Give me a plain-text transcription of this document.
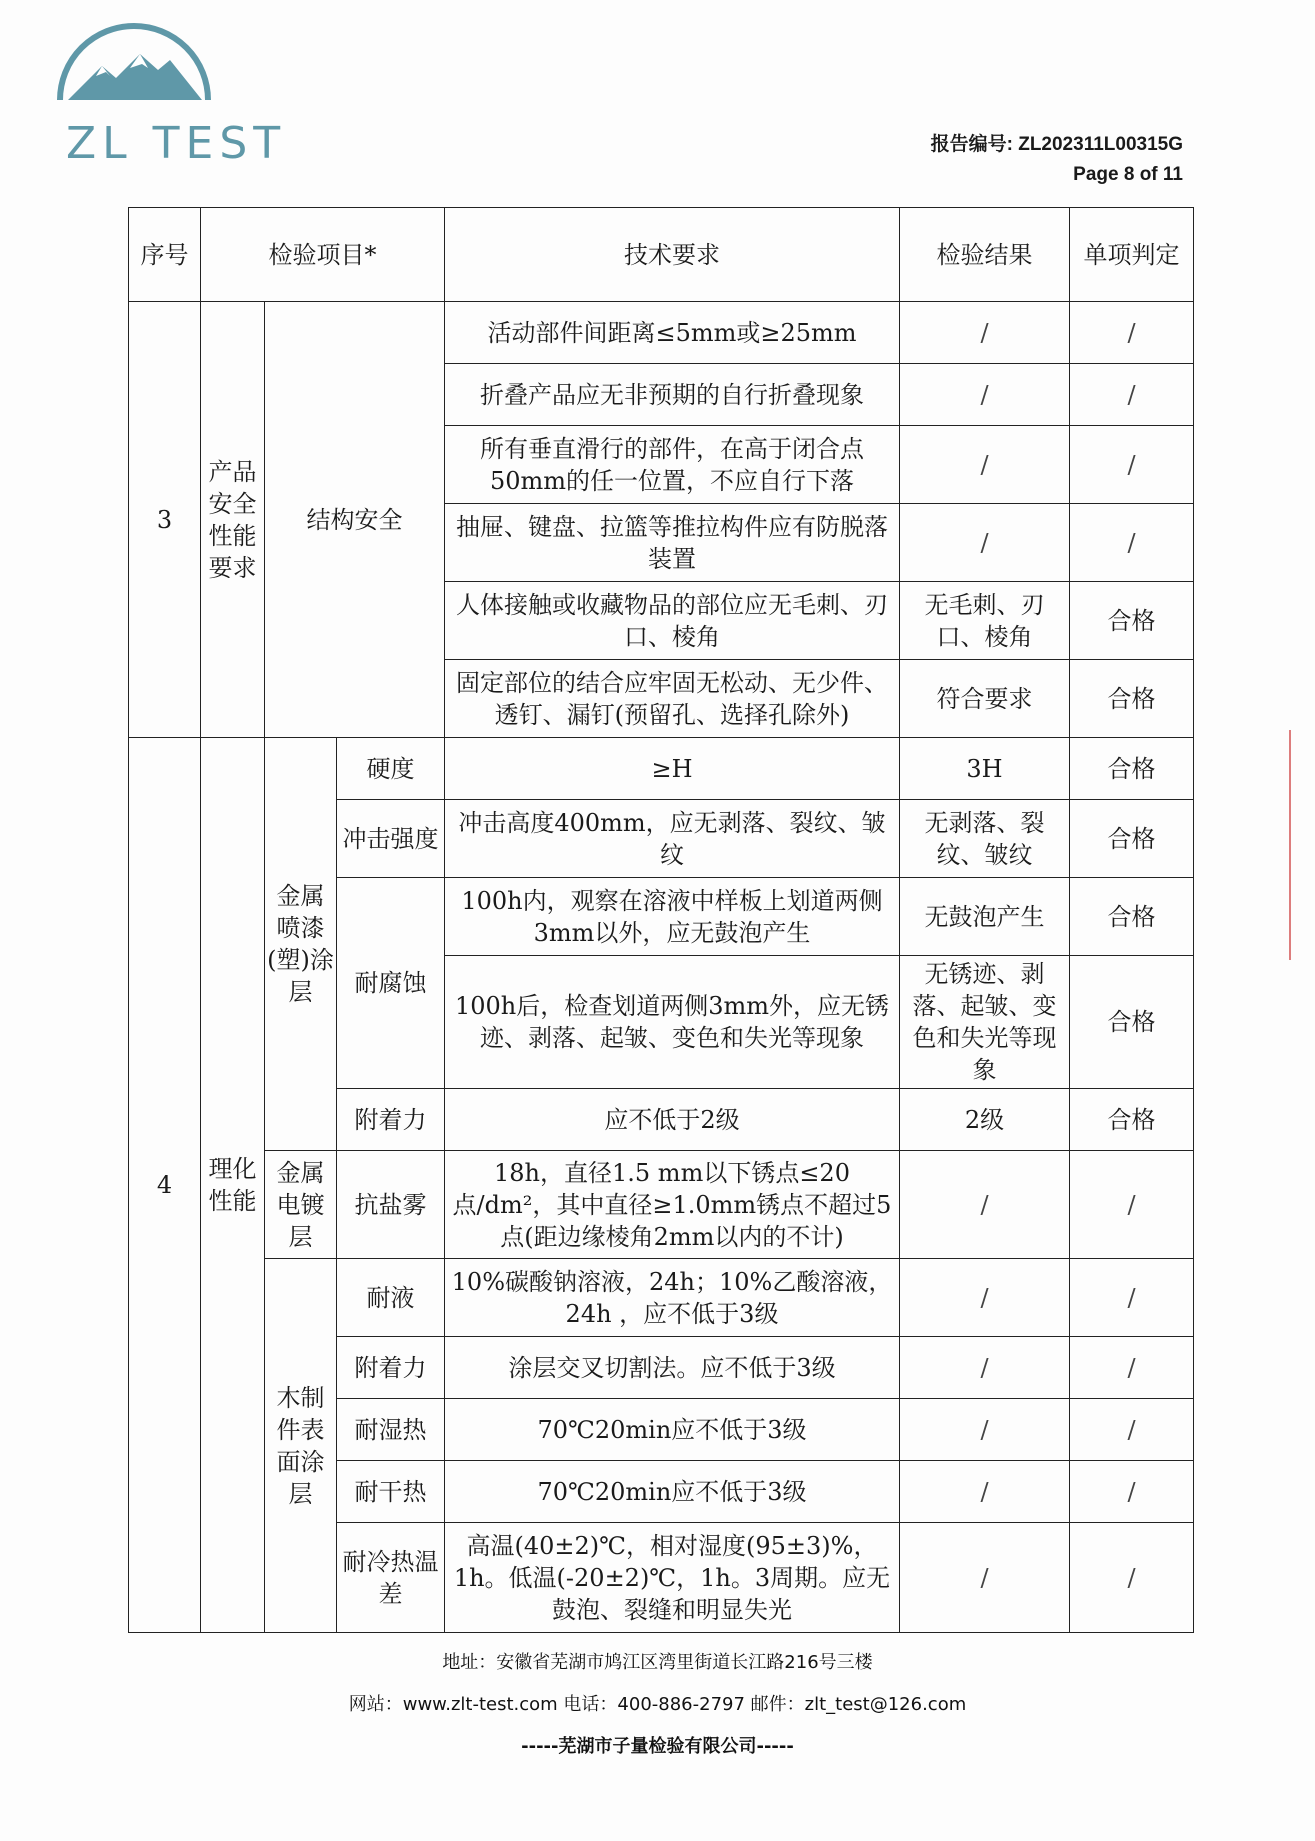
ZL TEST	报告编号: ZL202311L00315G
Page 8 of 11
序号	检验项目*			技术要求	检验结果	单项判定
3	产品安全性能要求	结构安全		活动部件间距离≤5mm或≥25mm	/	/
				折叠产品应无非预期的自行折叠现象	/	/
				所有垂直滑行的部件，在高于闭合点50mm的任一位置，不应自行下落	/	/
				抽屉、键盘、拉篮等推拉构件应有防脱落装置	/	/
				人体接触或收藏物品的部位应无毛刺、刃口、棱角	无毛刺、刃口、棱角	合格
				固定部位的结合应牢固无松动、无少件、透钉、漏钉(预留孔、选择孔除外)	符合要求	合格
4	理化性能	金属喷漆(塑)涂层	硬度	≥H	3H	合格
			冲击强度	冲击高度400mm，应无剥落、裂纹、皱纹	无剥落、裂纹、皱纹	合格
			耐腐蚀	100h内，观察在溶液中样板上划道两侧3mm以外，应无鼓泡产生	无鼓泡产生	合格
				100h后，检查划道两侧3mm外，应无锈迹、剥落、起皱、变色和失光等现象	无锈迹、剥落、起皱、变色和失光等现象	合格
			附着力	应不低于2级	2级	合格
		金属电镀层	抗盐雾	18h，直径1.5 mm以下锈点≤20点/dm²，其中直径≥1.0mm锈点不超过5点(距边缘棱角2mm以内的不计)	/	/
		木制件表面涂层	耐液	10%碳酸钠溶液，24h；10%乙酸溶液，24h ，应不低于3级	/	/
			附着力	涂层交叉切割法。应不低于3级	/	/
			耐湿热	70℃20min应不低于3级	/	/
			耐干热	70℃20min应不低于3级	/	/
			耐冷热温差	高温(40±2)℃，相对湿度(95±3)%，1h。低温(-20±2)℃，1h。3周期。应无鼓泡、裂缝和明显失光	/	/
地址：安徽省芜湖市鸠江区湾里街道长江路216号三楼
网站：www.zlt-test.com 电话：400-886-2797 邮件：zlt_test@126.com
-----芜湖市子量检验有限公司-----
